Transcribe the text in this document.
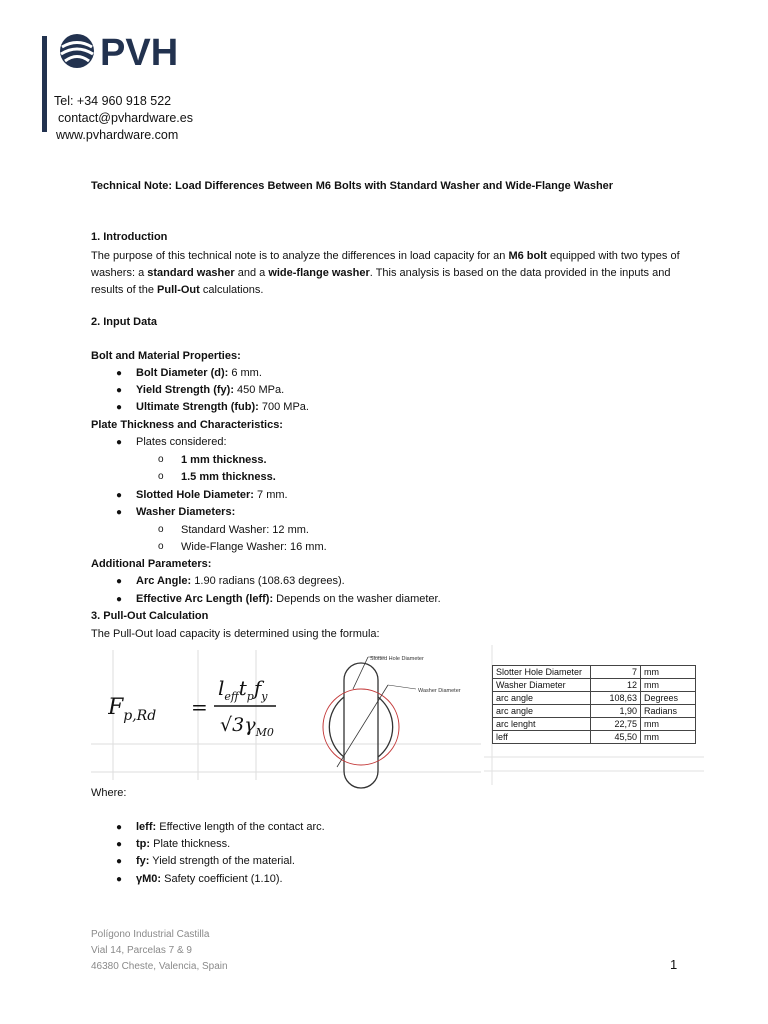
PVH
Tel: +34 960 918 522
contact@pvhardware.es
www.pvhardware.com
Technical Note: Load Differences Between M6 Bolts with Standard Washer and Wide-Flange Washer
1. Introduction
The purpose of this technical note is to analyze the differences in load capacity for an M6 bolt equipped with two types of washers: a standard washer and a wide-flange washer. This analysis is based on the data provided in the inputs and results of the Pull-Out calculations.
2. Input Data
Bolt and Material Properties:
● Bolt Diameter (d): 6 mm.
● Yield Strength (fy): 450 MPa.
● Ultimate Strength (fub): 700 MPa.
Plate Thickness and Characteristics:
● Plates considered:
o 1 mm thickness.
o 1.5 mm thickness.
● Slotted Hole Diameter: 7 mm.
● Washer Diameters:
o Standard Washer: 12 mm.
o Wide-Flange Washer: 16 mm.
Additional Parameters:
● Arc Angle: 1.90 radians (108.63 degrees).
● Effective Arc Length (leff): Depends on the washer diameter.
3. Pull-Out Calculation
The Pull-Out load capacity is determined using the formula:
$F_{p,Rd}$ =
$l_{eff}t_pf_y$
$√3\gamma_{M0}$
Slotted Hole Diameter
Washer Diameter
Slotter Hole Diameter	7	mm
Washer Diameter	12	mm
arc angle	108,63	Degrees
arc angle	1,90	Radians
arc lenght	22,75	mm
leff	45,50	mm
Where:
● leff: Effective length of the contact arc.
● tp: Plate thickness.
● fy: Yield strength of the material.
● γM0: Safety coefficient (1.10).
Polígono Industrial Castilla
Vial 14, Parcelas 7 & 9
46380 Cheste, Valencia, Spain	1
